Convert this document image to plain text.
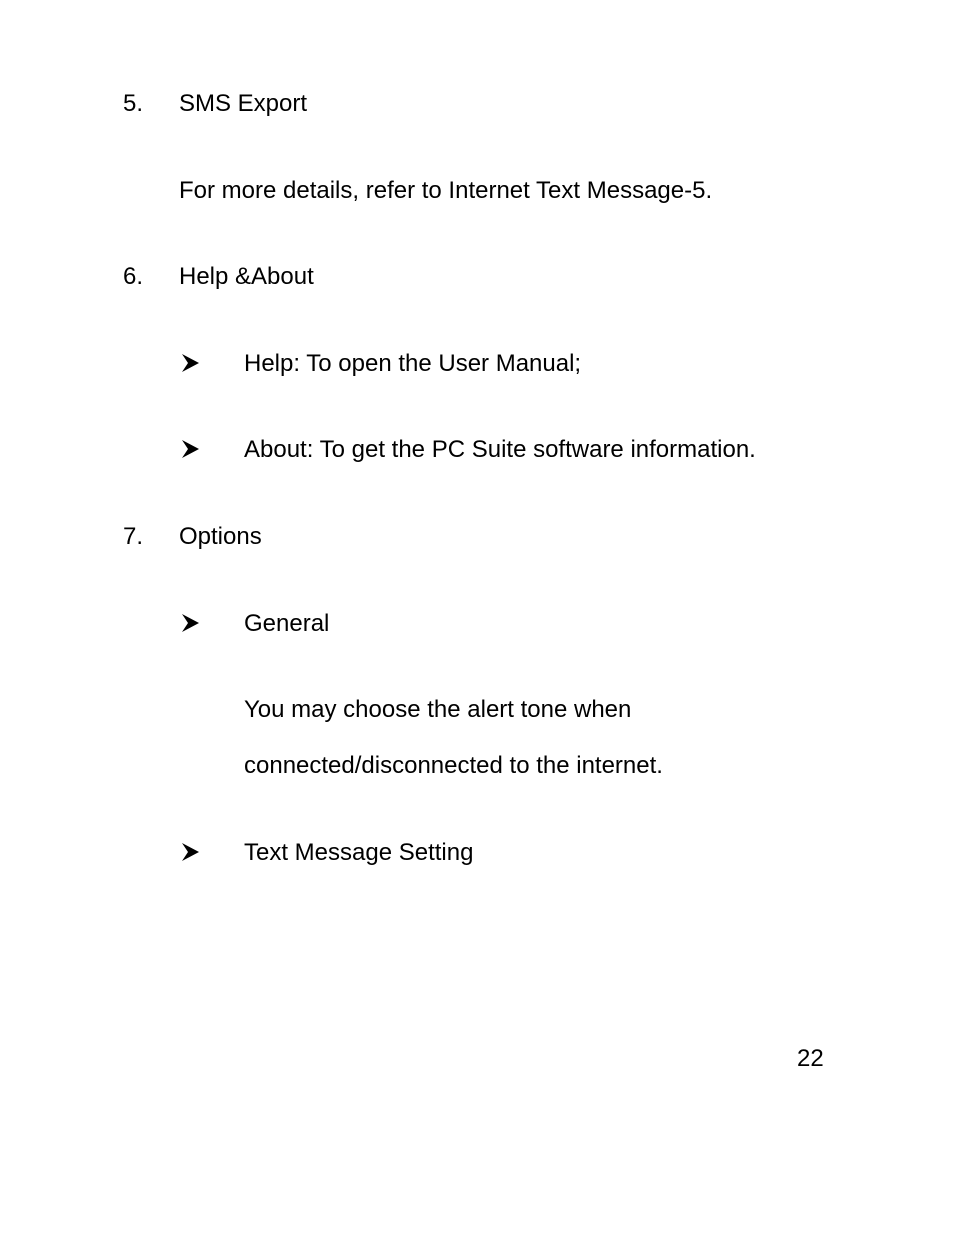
5. SMS Export
For more details, refer to Internet Text Message-5.
6. Help &About
Help: To open the User Manual;
About: To get the PC Suite software information.
7. Options
General
You may choose the alert tone when
connected/disconnected to the internet.
Text Message Setting
22
